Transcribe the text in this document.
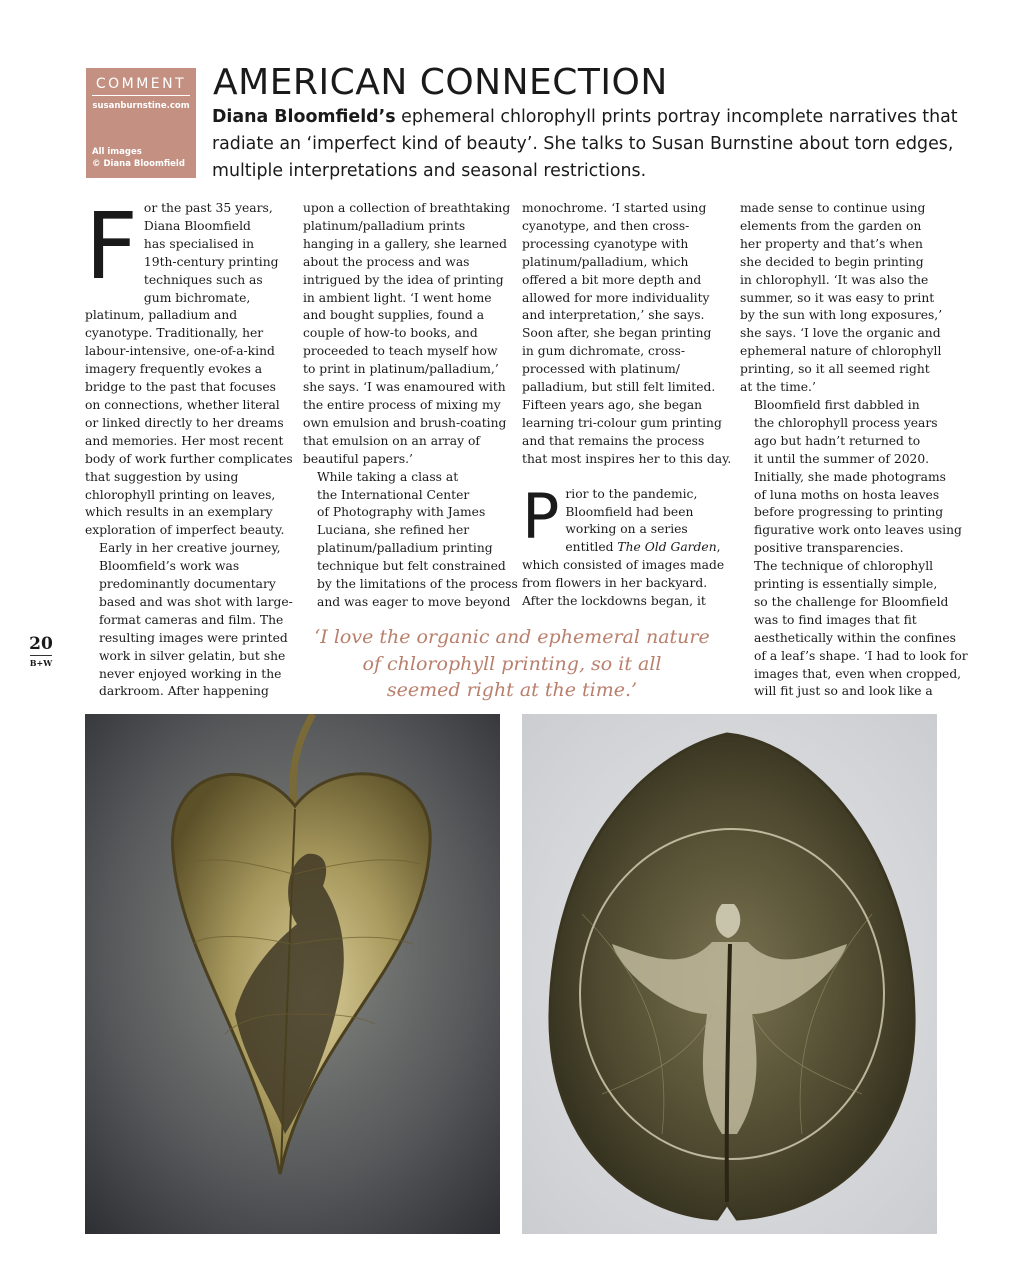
COMMENT
susanburnstine.com
All images
© Diana Bloomfield
AMERICAN CONNECTION

Diana Bloomfield’s ephemeral chlorophyll prints portray incomplete narratives that radiate an ‘imperfect kind of beauty’. She talks to Susan Burnstine about torn edges, multiple interpretations and seasonal restrictions.

F or the past 35 years,
Diana Bloomfield
has specialised in
19th-century printing
techniques such as
gum bichromate,
platinum, palladium and
cyanotype. Traditionally, her
labour-intensive, one-of-a-kind
imagery frequently evokes a
bridge to the past that focuses
on connections, whether literal
or linked directly to her dreams
and memories. Her most recent
body of work further complicates
that suggestion by using
chlorophyll printing on leaves,
which results in an exemplary
exploration of imperfect beauty.

Early in her creative journey,
Bloomfield’s work was
predominantly documentary
based and was shot with large-
format cameras and film. The
resulting images were printed
work in silver gelatin, but she
never enjoyed working in the
darkroom. After happening

upon a collection of breathtaking
platinum/palladium prints
hanging in a gallery, she learned
about the process and was
intrigued by the idea of printing
in ambient light. ‘I went home
and bought supplies, found a
couple of how-to books, and
proceeded to teach myself how
to print in platinum/palladium,’
she says. ‘I was enamoured with
the entire process of mixing my
own emulsion and brush-coating
that emulsion on an array of
beautiful papers.’

While taking a class at
the International Center
of Photography with James
Luciana, she refined her
platinum/palladium printing
technique but felt constrained
by the limitations of the process
and was eager to move beyond

monochrome. ‘I started using
cyanotype, and then cross-
processing cyanotype with
platinum/palladium, which
offered a bit more depth and
allowed for more individuality
and interpretation,’ she says.
Soon after, she began printing
in gum dichromate, cross-
processed with platinum/
palladium, but still felt limited.
Fifteen years ago, she began
learning tri-colour gum printing
and that remains the process
that most inspires her to this day.

P rior to the pandemic,
Bloomfield had been
working on a series
entitled The Old Garden,
which consisted of images made
from flowers in her backyard.
After the lockdowns began, it

made sense to continue using
elements from the garden on
her property and that’s when
she decided to begin printing
in chlorophyll. ‘It was also the
summer, so it was easy to print
by the sun with long exposures,’
she says. ‘I love the organic and
ephemeral nature of chlorophyll
printing, so it all seemed right
at the time.’

Bloomfield first dabbled in
the chlorophyll process years
ago but hadn’t returned to
it until the summer of 2020.
Initially, she made photograms
of luna moths on hosta leaves
before progressing to printing
figurative work onto leaves using
positive transparencies.

The technique of chlorophyll
printing is essentially simple,
so the challenge for Bloomfield
was to find images that fit
aesthetically within the confines
of a leaf’s shape. ‘I had to look for
images that, even when cropped,
will fit just so and look like a

‘I love the organic and ephemeral nature
of chlorophyll printing, so it all
seemed right at the time.’
20
B+W
